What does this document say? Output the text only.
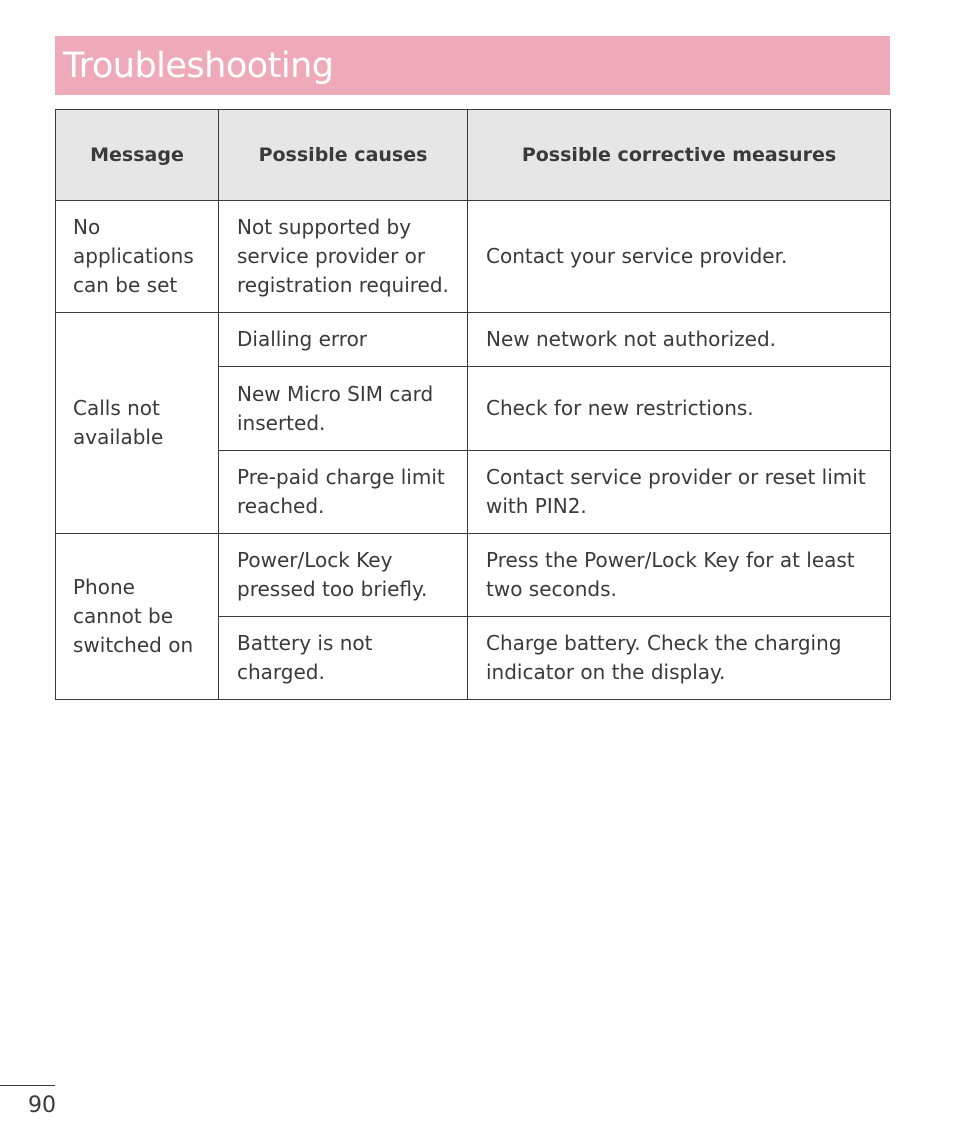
Troubleshooting
Message	Possible causes	Possible corrective measures
No applications can be set	Not supported by service provider or registration required.	Contact your service provider.
Calls not available	Dialling error	New network not authorized.
	New Micro SIM card inserted.	Check for new restrictions.
	Pre-paid charge limit reached.	Contact service provider or reset limit with PIN2.
Phone cannot be switched on	Power/Lock Key pressed too briefly.	Press the Power/Lock Key for at least two seconds.
	Battery is not charged.	Charge battery. Check the charging indicator on the display.
90
